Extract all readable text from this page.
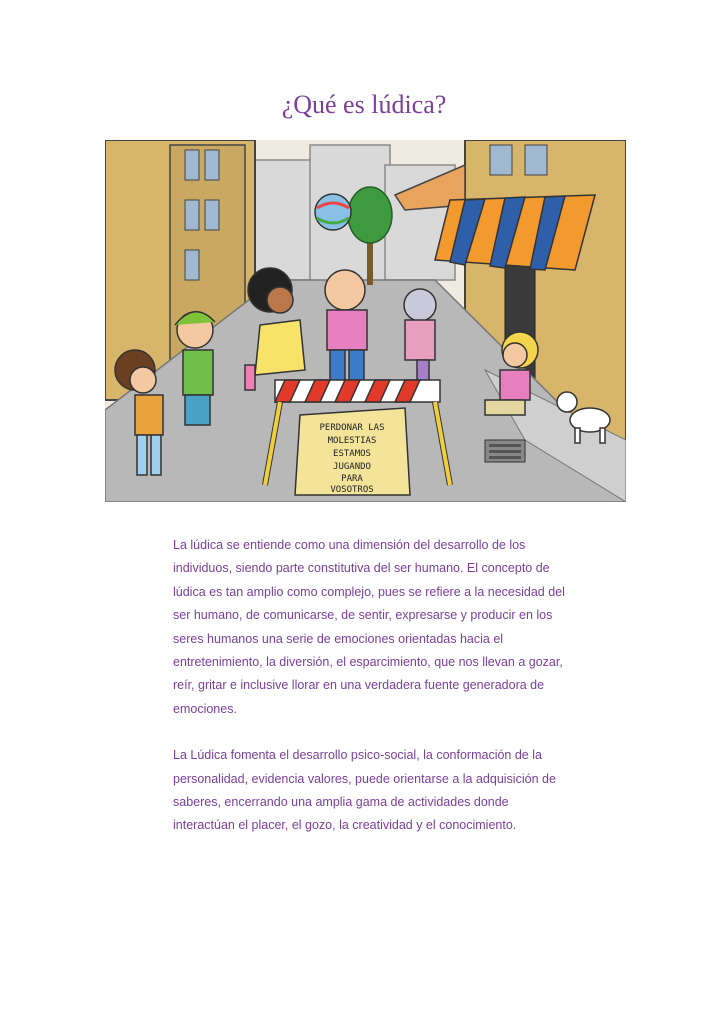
¿Qué es lúdica?
PERDONAR LAS
MOLESTIAS
ESTAMOS
JUGANDO
PARA
VOSOTROS

La lúdica se entiende como una dimensión del desarrollo de los individuos, siendo parte constitutiva del ser humano. El concepto de lúdica es tan amplio como complejo, pues se refiere a la necesidad del ser humano, de comunicarse, de sentir, expresarse y producir en los seres humanos una serie de emociones orientadas hacia el entretenimiento, la diversión, el esparcimiento, que nos llevan a gozar, reír, gritar e inclusive llorar en una verdadera fuente generadora de emociones.

La Lúdica fomenta el desarrollo psico-social, la conformación de la personalidad, evidencia valores, puede orientarse a la adquisición de saberes, encerrando una amplia gama de actividades donde interactúan el placer, el gozo, la creatividad y el conocimiento.
